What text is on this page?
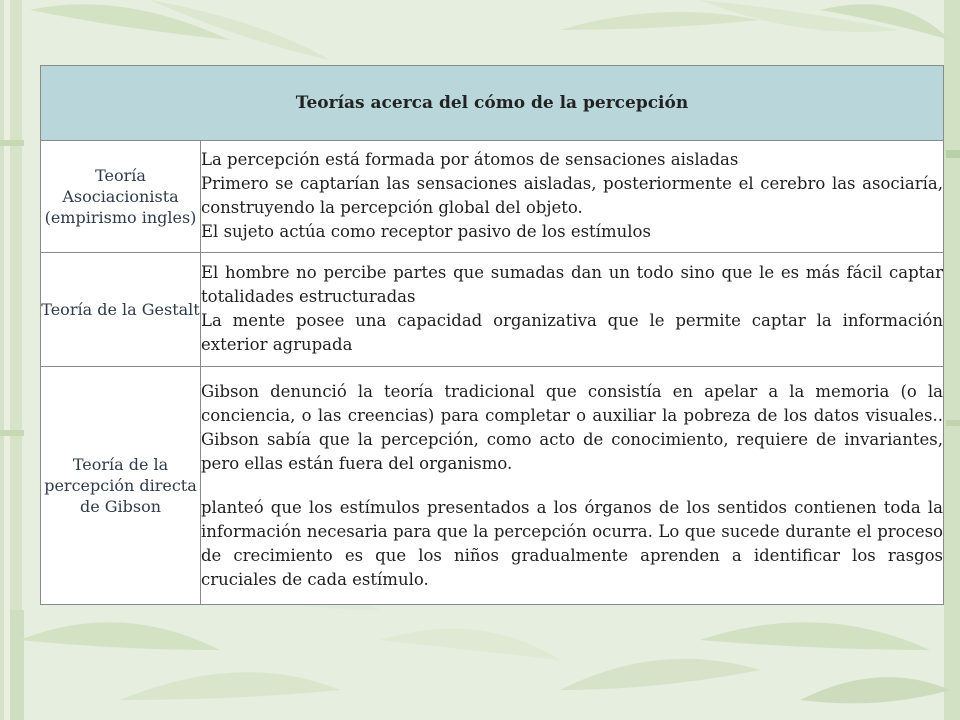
Teorías acerca del cómo de la percepción	
Teoría Asociacionista (empirismo ingles)	La percepción está formada por átomos de sensaciones aisladas

Primero se captarían las sensaciones aisladas, posteriormente el cerebro las asociaría, construyendo la percepción global del objeto.

El sujeto actúa como receptor pasivo de los estímulos

Teoría de la Gestalt	El hombre no percibe partes que sumadas dan un todo sino que le es más fácil captar totalidades estructuradas

La mente posee una capacidad organizativa que le permite captar la información exterior agrupada

Teoría de la percepción directa de Gibson	Gibson denunció la teoría tradicional que consistía en apelar a la memoria (o la conciencia, o las creencias) para completar o auxiliar la pobreza de los datos visuales.. Gibson sabía que la percepción, como acto de conocimiento, requiere de invariantes, pero ellas están fuera del organismo.

planteó que los estímulos presentados a los órganos de los sentidos contienen toda la información necesaria para que la percepción ocurra. Lo que sucede durante el proceso de crecimiento es que los niños gradualmente aprenden a identificar los rasgos cruciales de cada estímulo.
